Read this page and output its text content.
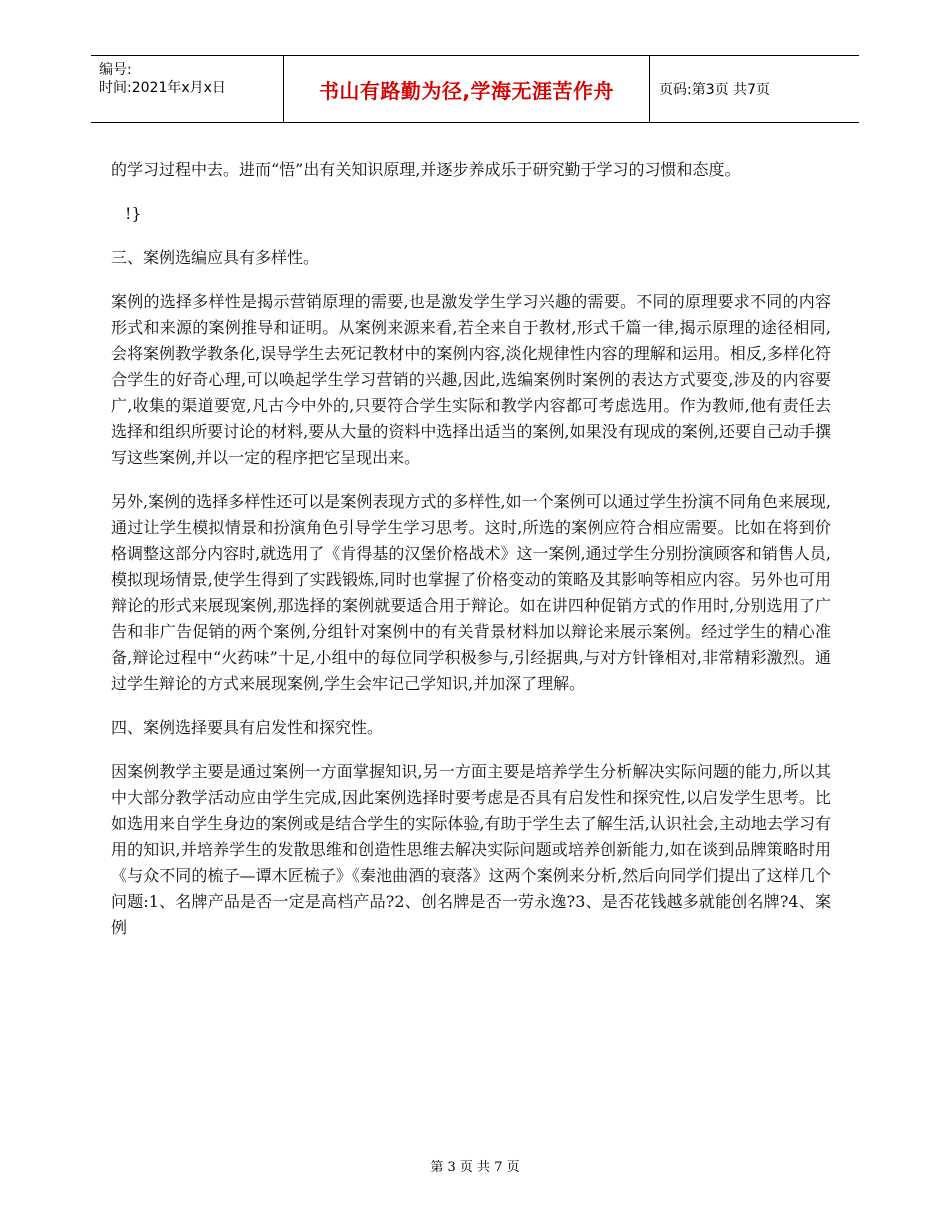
编号:
时间:2021年x月x日	书山有路勤为径,学海无涯苦作舟	页码:第3页 共7页

的学习过程中去。进而“悟”出有关知识原理,并逐步养成乐于研究勤于学习的习惯和态度。

!}

三、案例选编应具有多样性。

案例的选择多样性是揭示营销原理的需要,也是激发学生学习兴趣的需要。不同的原理要求不同的内容形式和来源的案例推导和证明。从案例来源来看,若全来自于教材,形式千篇一律,揭示原理的途径相同,会将案例教学教条化,误导学生去死记教材中的案例内容,淡化规律性内容的理解和运用。相反,多样化符合学生的好奇心理,可以唤起学生学习营销的兴趣,因此,选编案例时案例的表达方式要变,涉及的内容要广,收集的渠道要宽,凡古今中外的,只要符合学生实际和教学内容都可考虑选用。作为教师,他有责任去选择和组织所要讨论的材料,要从大量的资料中选择出适当的案例,如果没有现成的案例,还要自己动手撰写这些案例,并以一定的程序把它呈现出来。

另外,案例的选择多样性还可以是案例表现方式的多样性,如一个案例可以通过学生扮演不同角色来展现,通过让学生模拟情景和扮演角色引导学生学习思考。这时,所选的案例应符合相应需要。比如在将到价格调整这部分内容时,就选用了《肯得基的汉堡价格战术》这一案例,通过学生分别扮演顾客和销售人员,模拟现场情景,使学生得到了实践锻炼,同时也掌握了价格变动的策略及其影响等相应内容。另外也可用辩论的形式来展现案例,那选择的案例就要适合用于辩论。如在讲四种促销方式的作用时,分别选用了广告和非广告促销的两个案例,分组针对案例中的有关背景材料加以辩论来展示案例。经过学生的精心准备,辩论过程中“火药味”十足,小组中的每位同学积极参与,引经据典,与对方针锋相对,非常精彩激烈。通过学生辩论的方式来展现案例,学生会牢记己学知识,并加深了理解。

四、案例选择要具有启发性和探究性。

因案例教学主要是通过案例一方面掌握知识,另一方面主要是培养学生分析解决实际问题的能力,所以其中大部分教学活动应由学生完成,因此案例选择时要考虑是否具有启发性和探究性,以启发学生思考。比如选用来自学生身边的案例或是结合学生的实际体验,有助于学生去了解生活,认识社会,主动地去学习有用的知识,并培养学生的发散思维和创造性思维去解决实际问题或培养创新能力,如在谈到品牌策略时用《与众不同的梳子—谭木匠梳子》《秦池曲酒的衰落》这两个案例来分析,然后向同学们提出了这样几个问题:1、名牌产品是否一定是高档产品?2、创名牌是否一劳永逸?3、是否花钱越多就能创名牌?4、案例

第 3 页 共 7 页
